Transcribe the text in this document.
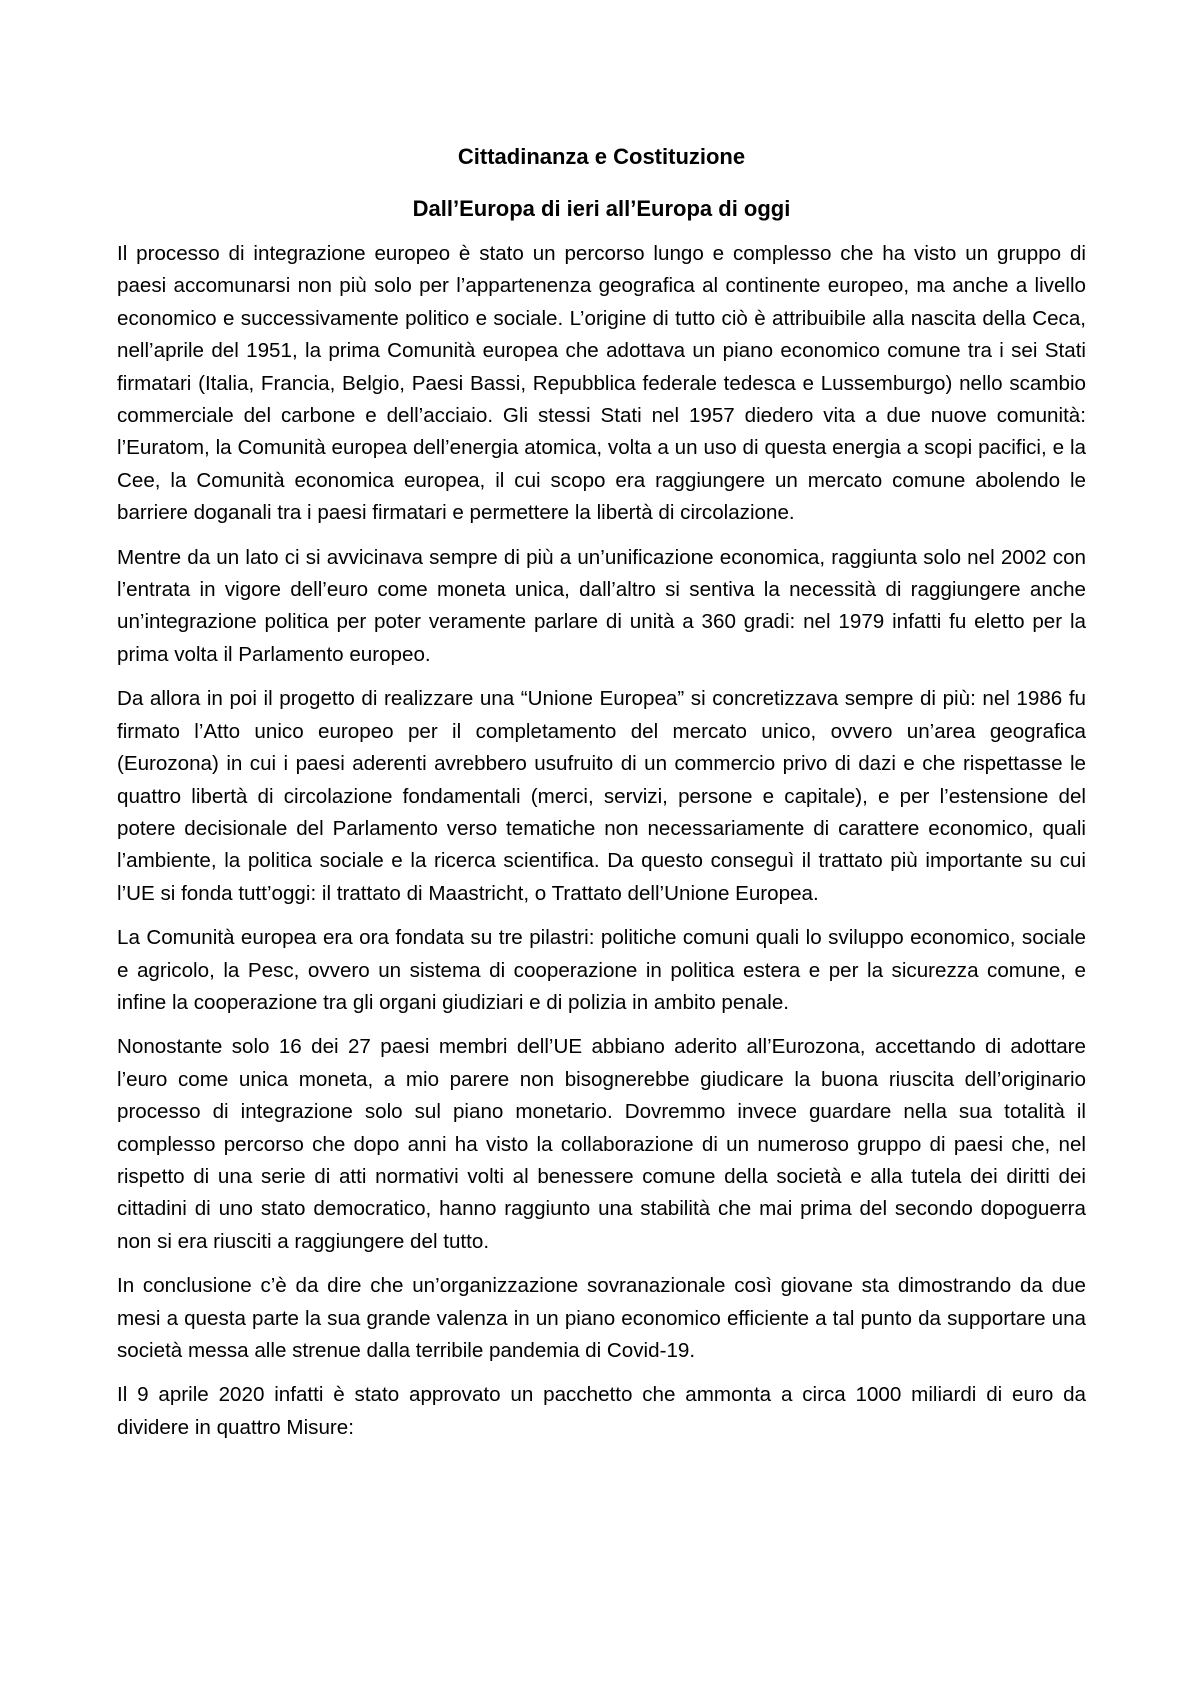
Cittadinanza e Costituzione
Dall’Europa di ieri all’Europa di oggi

Il processo di integrazione europeo è stato un percorso lungo e complesso che ha visto un gruppo di paesi accomunarsi non più solo per l’appartenenza geografica al continente europeo, ma anche a livello economico e successivamente politico e sociale. L’origine di tutto ciò è attribuibile alla nascita della Ceca, nell’aprile del 1951, la prima Comunità europea che adottava un piano economico comune tra i sei Stati firmatari (Italia, Francia, Belgio, Paesi Bassi, Repubblica federale tedesca e Lussemburgo) nello scambio commerciale del carbone e dell’acciaio. Gli stessi Stati nel 1957 diedero vita a due nuove comunità: l’Euratom, la Comunità europea dell’energia atomica, volta a un uso di questa energia a scopi pacifici, e la Cee, la Comunità economica europea, il cui scopo era raggiungere un mercato comune abolendo le barriere doganali tra i paesi firmatari e permettere la libertà di circolazione.

Mentre da un lato ci si avvicinava sempre di più a un’unificazione economica, raggiunta solo nel 2002 con l’entrata in vigore dell’euro come moneta unica, dall’altro si sentiva la necessità di raggiungere anche un’integrazione politica per poter veramente parlare di unità a 360 gradi: nel 1979 infatti fu eletto per la prima volta il Parlamento europeo.

Da allora in poi il progetto di realizzare una “Unione Europea” si concretizzava sempre di più: nel 1986 fu firmato l’Atto unico europeo per il completamento del mercato unico, ovvero un’area geografica (Eurozona) in cui i paesi aderenti avrebbero usufruito di un commercio privo di dazi e che rispettasse le quattro libertà di circolazione fondamentali (merci, servizi, persone e capitale), e per l’estensione del potere decisionale del Parlamento verso tematiche non necessariamente di carattere economico, quali l’ambiente, la politica sociale e la ricerca scientifica. Da questo conseguì il trattato più importante su cui l’UE si fonda tutt’oggi: il trattato di Maastricht, o Trattato dell’Unione Europea.

La Comunità europea era ora fondata su tre pilastri: politiche comuni quali lo sviluppo economico, sociale e agricolo, la Pesc, ovvero un sistema di cooperazione in politica estera e per la sicurezza comune, e infine la cooperazione tra gli organi giudiziari e di polizia in ambito penale.

Nonostante solo 16 dei 27 paesi membri dell’UE abbiano aderito all’Eurozona, accettando di adottare l’euro come unica moneta, a mio parere non bisognerebbe giudicare la buona riuscita dell’originario processo di integrazione solo sul piano monetario. Dovremmo invece guardare nella sua totalità il complesso percorso che dopo anni ha visto la collaborazione di un numeroso gruppo di paesi che, nel rispetto di una serie di atti normativi volti al benessere comune della società e alla tutela dei diritti dei cittadini di uno stato democratico, hanno raggiunto una stabilità che mai prima del secondo dopoguerra non si era riusciti a raggiungere del tutto.

In conclusione c’è da dire che un’organizzazione sovranazionale così giovane sta dimostrando da due mesi a questa parte la sua grande valenza in un piano economico efficiente a tal punto da supportare una società messa alle strenue dalla terribile pandemia di Covid-19.

Il 9 aprile 2020 infatti è stato approvato un pacchetto che ammonta a circa 1000 miliardi di euro da dividere in quattro Misure:
